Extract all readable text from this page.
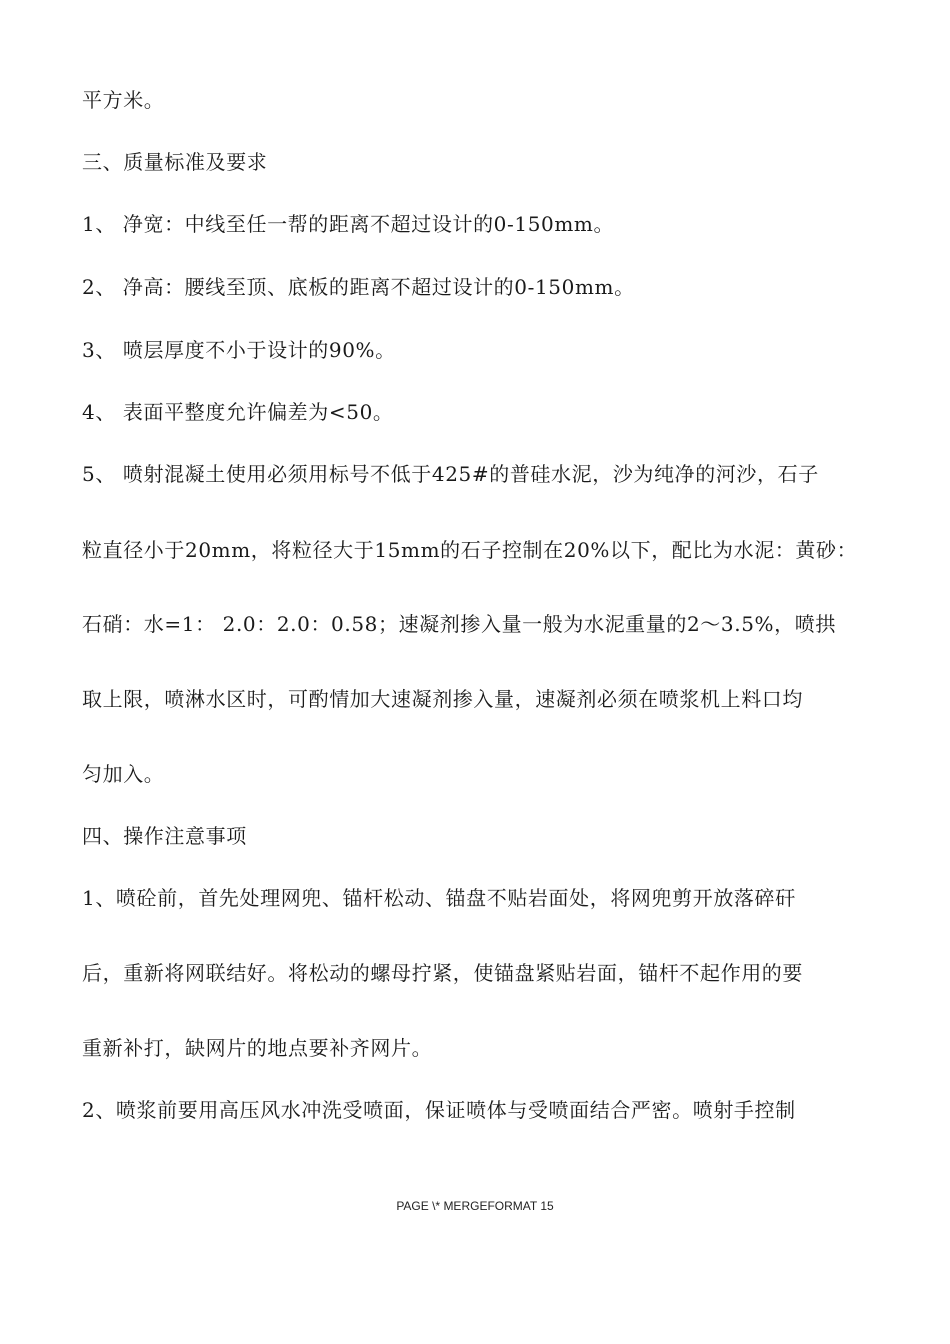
平方米。
三、质量标准及要求
1、 净宽：中线至任一帮的距离不超过设计的0-150mm。
2、 净高：腰线至顶、底板的距离不超过设计的0-150mm。
3、 喷层厚度不小于设计的90%。
4、 表面平整度允许偏差为<50。
5、 喷射混凝土使用必须用标号不低于425#的普硅水泥，沙为纯净的河沙，石子
粒直径小于20mm，将粒径大于15mm的石子控制在20%以下，配比为水泥：黄砂：
石硝：水=1： 2.0：2.0：0.58；速凝剂掺入量一般为水泥重量的2～3.5%，喷拱
取上限，喷淋水区时，可酌情加大速凝剂掺入量，速凝剂必须在喷浆机上料口均
匀加入。
四、操作注意事项
1、喷砼前，首先处理网兜、锚杆松动、锚盘不贴岩面处，将网兜剪开放落碎矸
后，重新将网联结好。将松动的螺母拧紧，使锚盘紧贴岩面，锚杆不起作用的要
重新补打，缺网片的地点要补齐网片。
2、喷浆前要用高压风水冲洗受喷面，保证喷体与受喷面结合严密。喷射手控制
PAGE \* MERGEFORMAT 15
